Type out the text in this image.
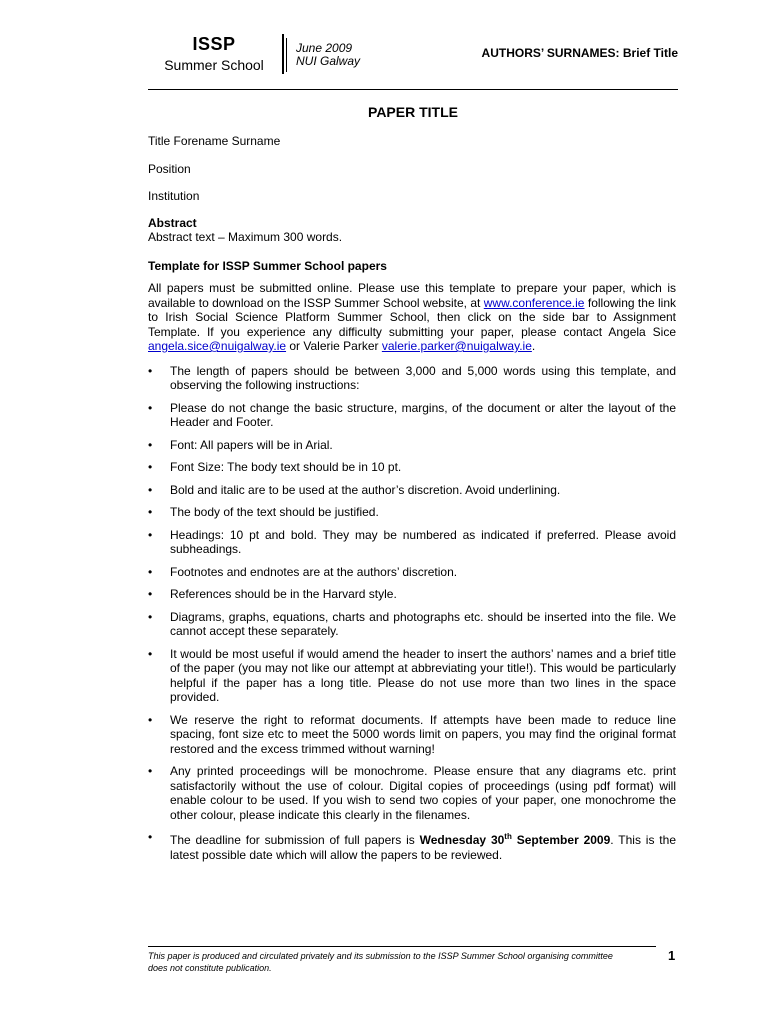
ISSP
Summer School
June 2009
NUI Galway
AUTHORS’ SURNAMES: Brief Title
PAPER TITLE

Title Forename Surname

Position

Institution

Abstract

Abstract text – Maximum 300 words.

Template for ISSP Summer School papers

All papers must be submitted online. Please use this template to prepare your paper, which is available to download on the ISSP Summer School website, at www.conference.ie following the link to Irish Social Science Platform Summer School, then click on the side bar to Assignment Template. If you experience any difficulty submitting your paper, please contact Angela Sice angela.sice@nuigalway.ie or Valerie Parker valerie.parker@nuigalway.ie.

• The length of papers should be between 3,000 and 5,000 words using this template, and observing the following instructions:
• Please do not change the basic structure, margins, of the document or alter the layout of the Header and Footer.
• Font: All papers will be in Arial.
• Font Size: The body text should be in 10 pt.
• Bold and italic are to be used at the author’s discretion. Avoid underlining.
• The body of the text should be justified.
• Headings: 10 pt and bold. They may be numbered as indicated if preferred. Please avoid subheadings.
• Footnotes and endnotes are at the authors’ discretion.
• References should be in the Harvard style.
• Diagrams, graphs, equations, charts and photographs etc. should be inserted into the file. We cannot accept these separately.
• It would be most useful if would amend the header to insert the authors’ names and a brief title of the paper (you may not like our attempt at abbreviating your title!). This would be particularly helpful if the paper has a long title. Please do not use more than two lines in the space provided.
• We reserve the right to reformat documents. If attempts have been made to reduce line spacing, font size etc to meet the 5000 words limit on papers, you may find the original format restored and the excess trimmed without warning!
• Any printed proceedings will be monochrome. Please ensure that any diagrams etc. print satisfactorily without the use of colour. Digital copies of proceedings (using pdf format) will enable colour to be used. If you wish to send two copies of your paper, one monochrome the other colour, please indicate this clearly in the filenames.
• The deadline for submission of full papers is Wednesday 30th September 2009. This is the latest possible date which will allow the papers to be reviewed.
This paper is produced and circulated privately and its submission to the ISSP Summer School organising committee does not constitute publication.
1
